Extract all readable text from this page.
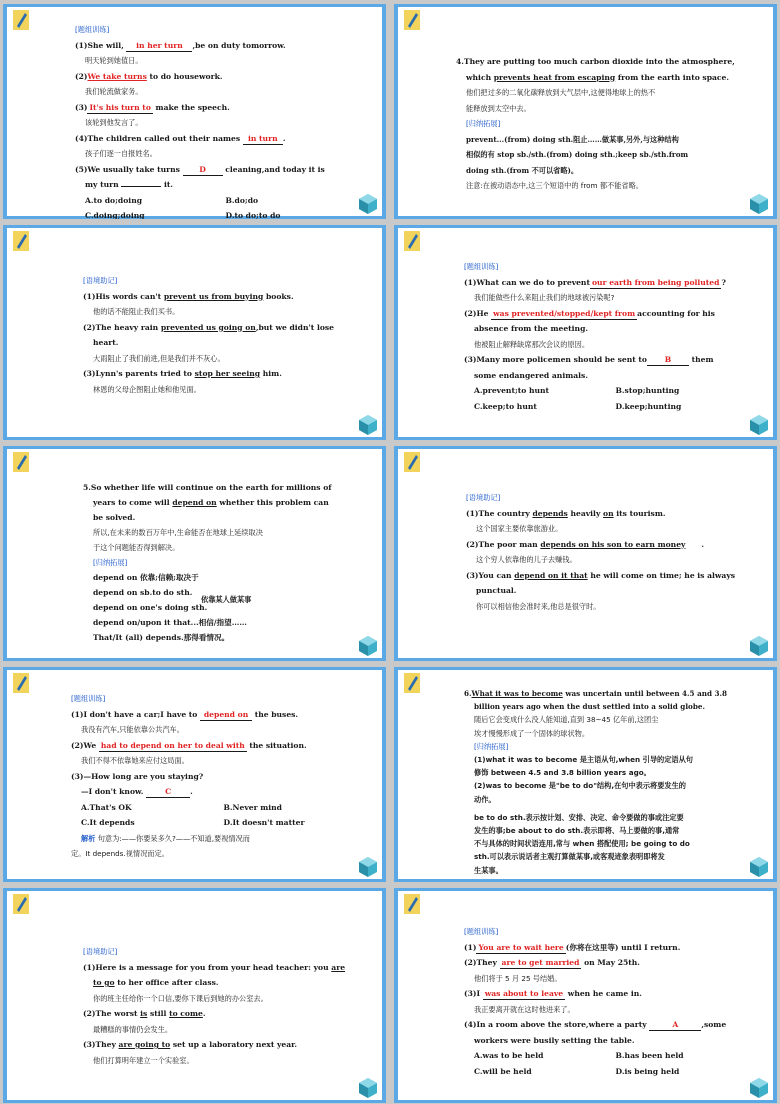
[题组训练]
(1)She will, in her turn ,be on duty tomorrow.
明天轮到她值日。
(2)We take turns to do housework.
我们轮流做家务。
(3) It's his turn to make the speech.
该轮到他发言了。
(4)The children called out their names in turn .
孩子们逐一自报姓名。
(5)We usually take turns	D	cleaning,and today it is
my turn	it.
A.to do;doing	B.do;do
C.doing;doing	D.to do;to do
4.They are putting too much carbon dioxide into the atmosphere,
which prevents heat from escaping from the earth into space.
他们把过多的二氧化碳释放到大气层中,这便得地球上的热不
能释放到太空中去。
[归纳拓展]
prevent...(from) doing sth.阻止……做某事,另外,与这种结构
相似的有 stop sb./sth.(from) doing sth.;keep sb./sth.from
doing sth.(from 不可以省略)。
注意:在被动语态中,这三个短语中的 from 都不能省略。
[语境助记]
(1)His words can't prevent us from buying books.
他的话不能阻止我们买书。
(2)The heavy rain prevented us going on,but we didn't lose
heart.
大雨阻止了我们前进,但是我们并不灰心。
(3)Lynn's parents tried to stop her seeing him.
林恩的父母企图阻止她和他见面。
[题组训练]
(1)What can we do to prevent our earth from being polluted ?
我们能做些什么来阻止我们的地球被污染呢?
(2)He was prevented/stopped/kept from accounting for his
absence from the meeting.
他被阻止解释缺席那次会议的原因。
(3)Many more policemen should be sent to B	them
some endangered animals.
A.prevent;to hunt	B.stop;hunting
C.keep;to hunt	D.keep;hunting
5.So whether life will continue on the earth for millions of
years to come will depend on whether this problem can
be solved.
所以,在未来的数百万年中,生命能否在地球上延续取决
于这个问题能否得到解决。
[归纳拓展]
depend on 依靠;信赖;取决于
depend on sb.to do sth.
depend on one's doing sth.
依靠某人做某事
depend on/upon it that...相信/指望……
That/It (all) depends.那得看情况。
[语境助记]
(1)The country depends heavily on its tourism.
这个国家主要依靠旅游业。
(2)The poor man depends on his son to earn money .
这个穷人依靠他的儿子去赚钱。
(3)You can depend on it that he will come on time; he is always
punctual.
你可以相信他会准时来,他总是很守时。
[题组训练]
(1)I don't have a car;I have to depend on the buses.
我没有汽车,只能依靠公共汽车。
(2)We had to depend on her to deal with the situation.
我们不得不依靠她来应付这局面。
(3)—How long are you staying?
—I don't know.	C .
A.That's OK	B.Never mind
C.It depends	D.It doesn't matter
解析 句意为:——你要呆多久?——不知道,要视情况而
定。It depends.视情况而定。
6.What it was to become was uncertain until between 4.5 and 3.8
billion years ago when the dust settled into a solid globe.
随后它会变成什么没人能知道,直到 38~45 亿年前,这团尘
埃才慢慢形成了一个固体的球状物。
[归纳拓展]
(1)what it was to become 是主语从句,when 引导的定语从句
修饰 between 4.5 and 3.8 billion years ago。
(2)was to become 是"be to do"结构,在句中表示将要发生的
动作。
be to do sth.表示按计划、安排、决定、命令要做的事或注定要
发生的事;be about to do sth.表示即将、马上要做的事,通常
不与具体的时间状语连用,常与 when 搭配使用; be going to do
sth.可以表示说话者主观打算做某事,或客观迹象表明即将发
生某事。
[语境助记]
(1)Here is a message for you from your head teacher: you are
to go to her office after class.
你的班主任给你一个口信,要你下课后到她的办公室去。
(2)The worst is still to come.
最糟糕的事情仍会发生。
(3)They are going to set up a laboratory next year.
他们打算明年建立一个实验室。
[题组训练]
(1) You are to wait here (你将在这里等) until I return.
(2)They are to get married on May 25th.
他们将于 5 月 25 号结婚。
(3)I was about to leave when he came in.
我正要离开就在这时他进来了。
(4)In a room above the store,where a party	A	,some
workers were busily setting the table.
A.was to be held	B.has been held
C.will be held	D.is being held
